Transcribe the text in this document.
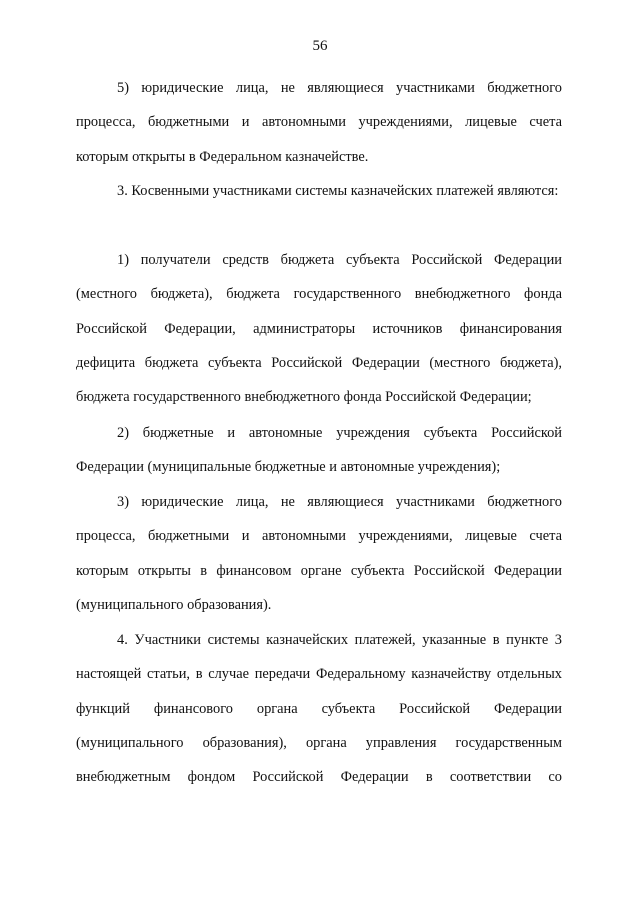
56

5) юридические лица, не являющиеся участниками бюджетного процесса, бюджетными и автономными учреждениями, лицевые счета которым открыты в Федеральном казначействе.

3. Косвенными участниками системы казначейских платежей являются:

1) получатели средств бюджета субъекта Российской Федерации (местного бюджета), бюджета государственного внебюджетного фонда Российской Федерации, администраторы источников финансирования дефицита бюджета субъекта Российской Федерации (местного бюджета), бюджета государственного внебюджетного фонда Российской Федерации;

2) бюджетные и автономные учреждения субъекта Российской Федерации (муниципальные бюджетные и автономные учреждения);

3) юридические лица, не являющиеся участниками бюджетного процесса, бюджетными и автономными учреждениями, лицевые счета которым открыты в финансовом органе субъекта Российской Федерации (муниципального образования).

4. Участники системы казначейских платежей, указанные в пункте 3 настоящей статьи, в случае передачи Федеральному казначейству отдельных функций финансового органа субъекта Российской Федерации (муниципального образования), органа управления государственным внебюджетным фондом Российской Федерации в соответствии со
